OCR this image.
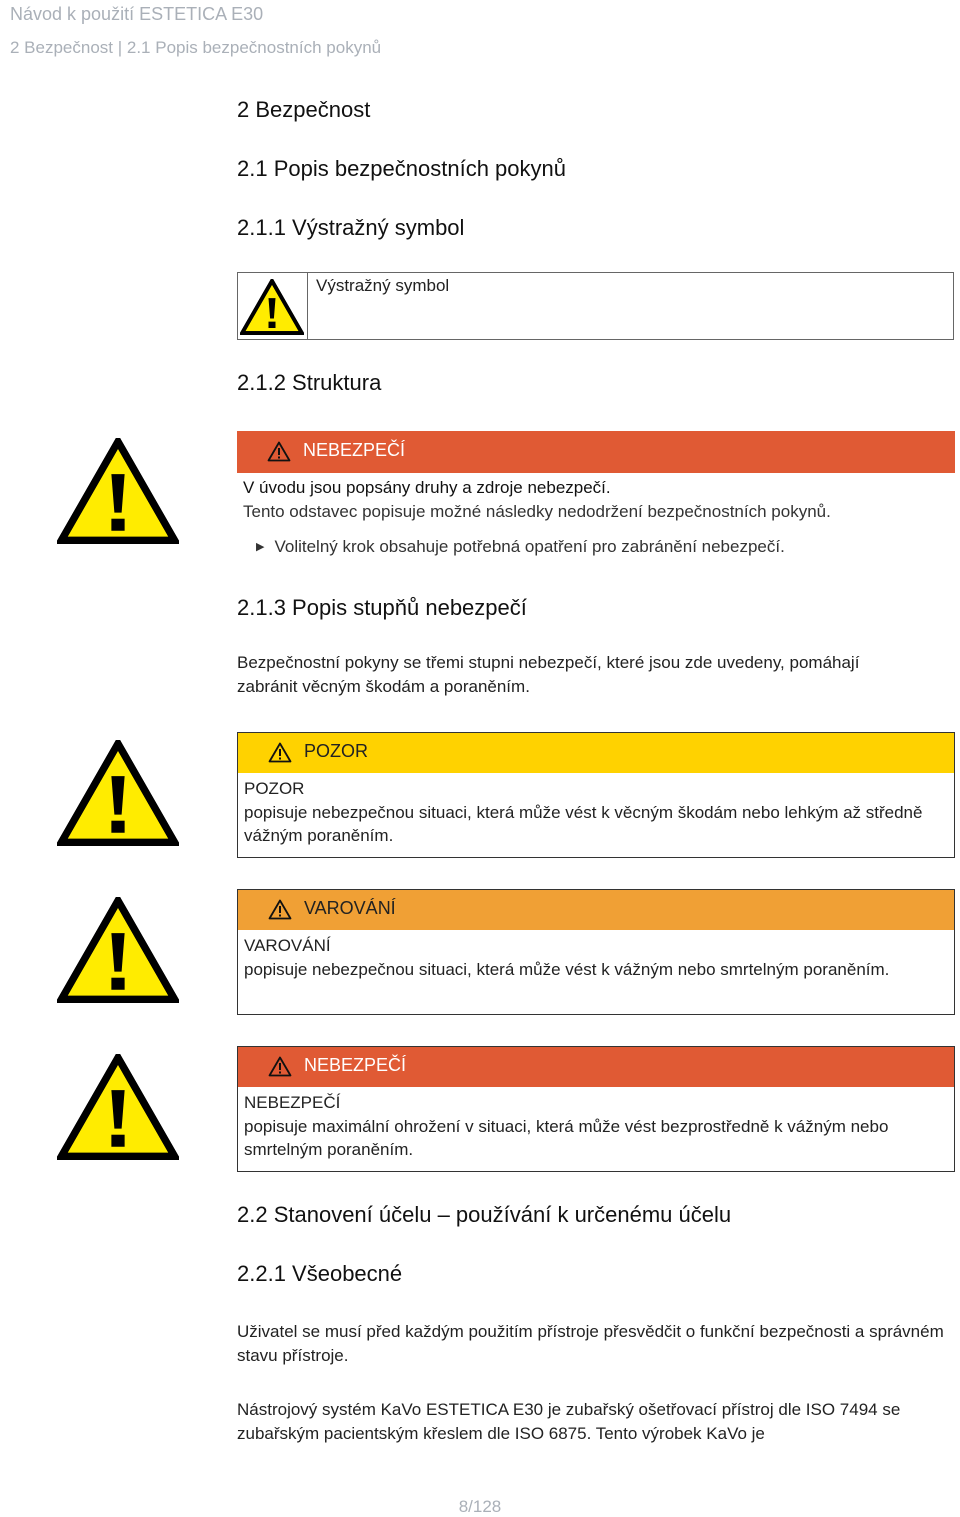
Návod k použití ESTETICA E30
2 Bezpečnost | 2.1 Popis bezpečnostních pokynů
2 Bezpečnost
2.1 Popis bezpečnostních pokynů
2.1.1 Výstražný symbol
Výstražný symbol
2.1.2 Struktura
NEBEZPEČÍ
V úvodu jsou popsány druhy a zdroje nebezpečí.
Tento odstavec popisuje možné následky nedodržení bezpečnostních pokynů.
▶ Volitelný krok obsahuje potřebná opatření pro zabránění nebezpečí.
2.1.3 Popis stupňů nebezpečí
Bezpečnostní pokyny se třemi stupni nebezpečí, které jsou zde uvedeny, pomáhají zabránit věcným škodám a poraněním.
POZOR
POZOR
popisuje nebezpečnou situaci, která může vést k věcným škodám nebo lehkým až středně vážným poraněním.
VAROVÁNÍ
VAROVÁNÍ
popisuje nebezpečnou situaci, která může vést k vážným nebo smrtelným poraněním.
NEBEZPEČÍ
NEBEZPEČÍ
popisuje maximální ohrožení v situaci, která může vést bezprostředně k vážným nebo smrtelným poraněním.
2.2 Stanovení účelu – používání k určenému účelu
2.2.1 Všeobecné
Uživatel se musí před každým použitím přístroje přesvědčit o funkční bezpečnosti a správném stavu přístroje.
Nástrojový systém KaVo ESTETICA E30 je zubařský ošetřovací přístroj dle ISO 7494 se zubařským pacientským křeslem dle ISO 6875. Tento výrobek KaVo je
8/128
